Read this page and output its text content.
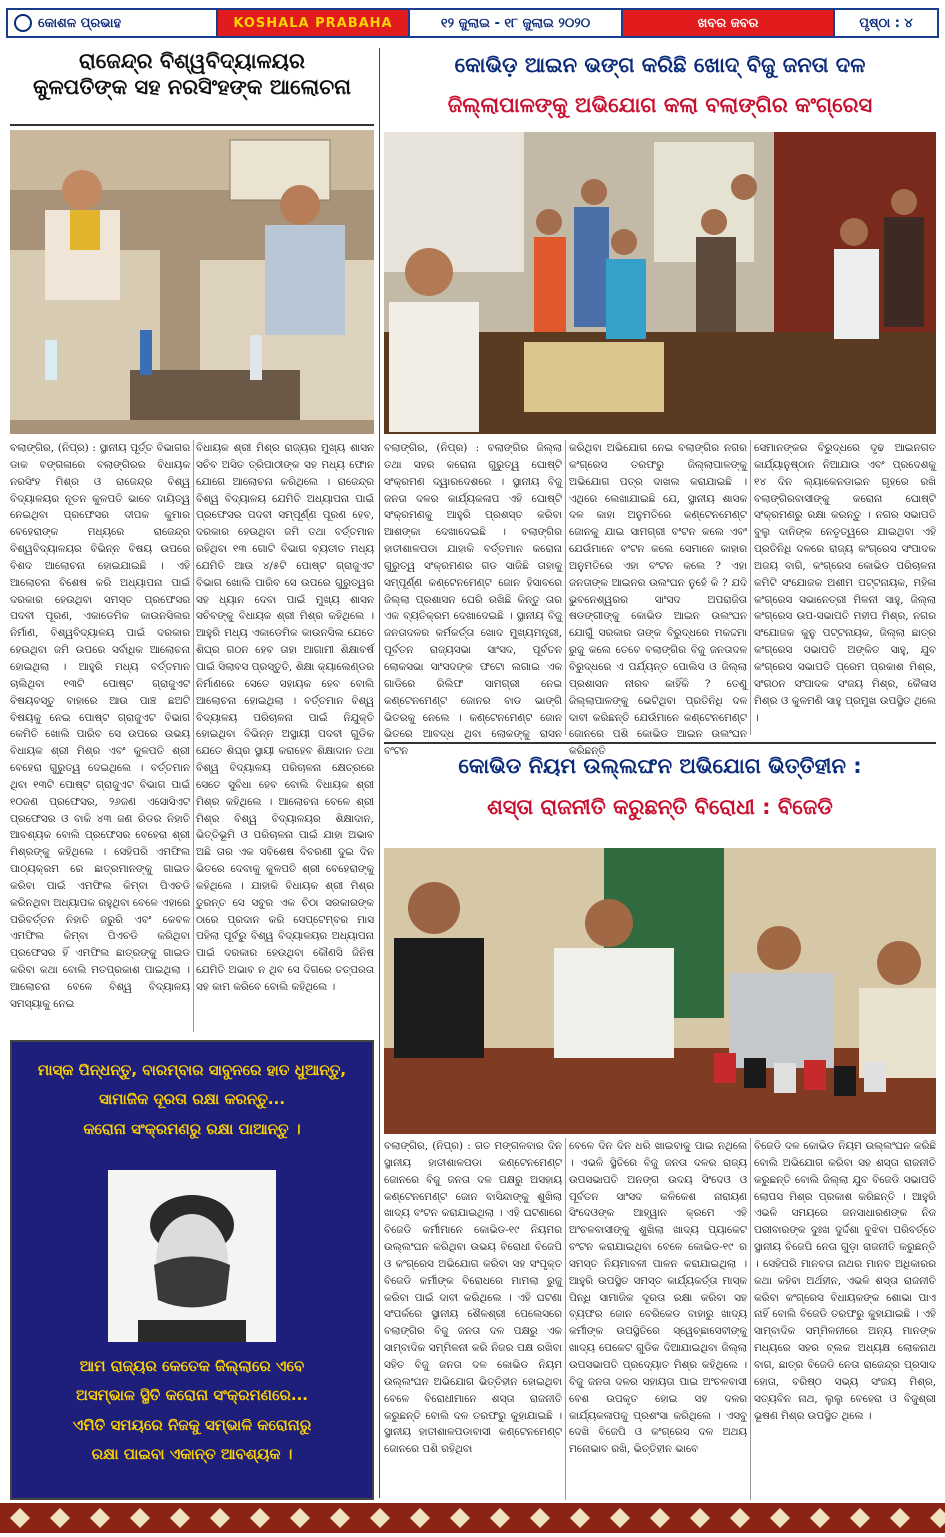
କୋଶଳ ପ୍ରଭାହ	KOSHALA PRABAHA	୧୨ ଜୁଲାଇ - ୧୮ ଜୁଲାଇ ୨୦୨୦	ଖବର ଜବର	ପୃଷ୍ଠା : ୪
ରାଜେନ୍ଦ୍ର ବିଶ୍ୱବିଦ୍ୟାଳୟର
କୁଳପତିଙ୍କ ସହ ନରସିଂହଙ୍କ ଆଲୋଚନା
ବଲାଙ୍ଗିର, (ନିପ୍ର) : ସ୍ଥାନୀୟ ପୂର୍ତ୍ତ ବିଭାଗର ଡାକ ବଙ୍ଗଳାରେ ବଲାଙ୍ଗିରର ବିଧାୟକ ନରସିଂହ ମିଶ୍ର ଓ ରାଜେନ୍ଦ୍ର ବିଶ୍ୱ ବିଦ୍ୟାଳୟର ନୂତନ କୁଳପତି ଭାବେ ଦାୟିତ୍ୱ ନେଇଥିବା ପ୍ରଫେସର ଦୀପକ କୁମାର ବେହେରାଙ୍କ ମଧ୍ୟରେ ରାଜେନ୍ଦ୍ର ବିଶ୍ୱବିଦ୍ୟାଳୟର ବିଭିନ୍ନ ବିଷୟ ଉପରେ ବିଶଦ ଆଲୋଚନା ହୋଇଯାଇଛି । ଏହି ଆଲୋଚନା ବିଶେଷ କରି ଅଧ୍ୟାପନା ପାଇଁ ଦରକାର ହେଉଥିବା ସମସ୍ତ ପ୍ରଫେସର ପଦବୀ ପୂରଣ, ଏକାଡେମିକ କାଉନସିଲର ନିର୍ମାଣ, ବିଶ୍ୱବିଦ୍ୟାଳୟ ପାଇଁ ଦରକାର ହେଉଥିବା ଜମି ଉପରେ ସର୍ବାଧିକ ଆଲୋଚନା ହୋଇଥିଲା । ଆହୁରି ମଧ୍ୟ ବର୍ତ୍ତମାନ ଚାଲିଥିବା ୧୩ଟି ପୋଷ୍ଟ ଗ୍ରାଜୁଏଟ ବିଷୟବସ୍ତୁ ବାହାରେ ଆଉ ପାଞ୍ଚ ଛଅଟି ବିଷୟକୁ ନେଇ ପୋଷ୍ଟ ଗ୍ରାଜୁଏଟ ବିଭାଗ କେମିତି ଖୋଲି ପାରିବ ସେ ଉପରେ ଉଭୟ ବିଧାୟକ ଶ୍ରୀ ମିଶ୍ର ଏବଂ କୁଳପତି ଶ୍ରୀ ବେହେରା ଗୁରୁତ୍ୱ ଦେଇଥିଲେ । ବର୍ତ୍ତମାନ ଥିବା ୧୩ଟି ପୋଷ୍ଟ ଗ୍ରାଜୁଏଟ ବିଭାଗ ପାଇଁ ୧୦ଜଣ ପ୍ରଫେସର, ୨୬ଜଣ ଏସୋସିଏଟ ପ୍ରଫେସର ଓ ବାକି ୪୩ ଜଣ ରିଡର ନିହାତି ଆବଶ୍ୟକ ବୋଲି ପ୍ରଫେସର ବେହେରା ଶ୍ରୀ ମିଶ୍ରଙ୍କୁ କହିଥିଲେ । ସେହିପରି ଏମଫିଲ ପାଠ୍ୟକ୍ରମ ରେ ଛାତ୍ରମାନଙ୍କୁ ଗାଇଡ କରିବା ପାଇଁ ଏମଫିଲ କିମ୍ବା ପିଏଚଡି କରିନଥିବା ଅଧ୍ୟାପକ ରହୁଥିବା ବେଳେ ଏହାରେ ପରିବର୍ତ୍ତନ ନିହାତି ଜରୁରି ଏବଂ କେବଳ ଏମଫିଲ କିମ୍ବା ପିଏଚଡି କରିଥିବା ପ୍ରଫେସର ହିଁ ଏମଫିଲ ଛାତ୍ରଙ୍କୁ ଗାଇଡ କରିବା କଥା ବୋଲି ମତପ୍ରକାଶ ପାଇଥିଲା । ଆଲୋଚନା ବେଳେ ବିଶ୍ୱ ବିଦ୍ୟାଳୟ ସମସ୍ୟାକୁ ନେଇ
ବିଧାୟକ ଶ୍ରୀ ମିଶ୍ର ରାଜ୍ୟର ମୁଖ୍ୟ ଶାସନ ସଚିବ ଅସିତ ତ୍ରିପାଠୀଙ୍କ ସହ ମଧ୍ୟ ଫୋନ ଯୋଗେ ଆଲୋଚନା କରିଥିଲେ । ରାଜେନ୍ଦ୍ର ବିଶ୍ୱ ବିଦ୍ୟାଳୟ ଯେମିତି ଅଧ୍ୟାପନା ପାଇଁ ପ୍ରଫେସର ପଦବୀ ସମ୍ପୂର୍ଣ୍ଣ ପୂରଣ ହେବ, ଦରକାର ହେଉଥିବା ଜମି ତଥା ବର୍ତ୍ତମାନ ରହିଥିବା ୧୩ ଗୋଟି ବିଭାଗ ବ୍ୟତୀତ ମଧ୍ୟ ଯେମିତି ଆଉ ୪/୫ଟି ପୋଷ୍ଟ ଗ୍ରାଜୁଏଟ ବିଭାଗ ଖୋଲି ପାରିବ ସେ ଉପରେ ଗୁରୁତ୍ୱର ସହ ଧ୍ୟାନ ଦେବା ପାଇଁ ମୁଖ୍ୟ ଶାସନ ସଚିବଙ୍କୁ ବିଧାୟକ ଶ୍ରୀ ମିଶ୍ର କହିଥିଲେ । ଆହୁରି ମଧ୍ୟ ଏକାଡେମିକ କାଉନସିଲ ଯେତେ ଶିଘ୍ର ଗଠନ ହେବ ତାହା ଆଗାମୀ ଶିକ୍ଷାବର୍ଷ ପାଇଁ ସିଲାବସ ପ୍ରସ୍ତୁତି, ଶିକ୍ଷା କ୍ୟାଲେଣ୍ଡର ନିର୍ମାଣରେ ସେତେ ସହାୟକ ହେବ ବୋଲି ଆଲୋଚନା ହୋଇଥିଲା । ବର୍ତ୍ତମାନ ବିଶ୍ୱ ବିଦ୍ୟାଳୟ ପରିଚାଳନା ପାଇଁ ନିଯୁକ୍ତି ହୋଇଥିବା ବିଭିନ୍ନ ଅସ୍ଥାୟୀ ପଦବୀ ଗୁଡିକ ଯେତେ ଶିଘ୍ର ସ୍ଥାୟୀ କରାହେବ ଶିକ୍ଷାଦାନ ତଥା ବିଶ୍ୱ ବିଦ୍ୟାଳୟ ପରିଚାଳନା କ୍ଷେତ୍ରରେ ସେତେ ସୁବିଧା ହେବ ବୋଲି ବିଧାୟକ ଶ୍ରୀ ମିଶ୍ର କହିଥିଲେ । ଆଲୋଚନା ବେଳେ ଶ୍ରୀ ମିଶ୍ର ବିଶ୍ୱ ବିଦ୍ୟାଳୟର ଶିକ୍ଷାଦାନ, ଭିତ୍ତିଭୂମି ଓ ପରିଚାଳନା ପାଇଁ ଯାହା ଅଭାବ ଅଛି ତାର ଏକ ସବିଶେଷ ବିବରଣୀ ଦୁଇ ଦିନ ଭିତରେ ଦେବାକୁ କୁଳପତି ଶ୍ରୀ ବେହେରାଙ୍କୁ କହିଥିଲେ । ଯାହାକି ବିଧାୟକ ଶ୍ରୀ ମିଶ୍ର ତୁରନ୍ତ ସେ ସବୁର ଏକ ଚିଠା ସରକାରଙ୍କ ଠାରେ ପ୍ରଦାନ କରି ସେପ୍ଟେମ୍ବର ମାସ ପହିଲା ପୂର୍ବରୁ ବିଶ୍ୱ ବିଦ୍ୟାଳୟର ଅଧ୍ୟାପନା ପାଇଁ ଦରକାର ହେଉଥିବା କୌଣସି ଜିନିଷ ଯେମିତି ଅଭାବ ନ ଥିବ ସେ ଦିଗରେ ତତ୍ପରତା ସହ କାମ କରିବେ ବୋଲି କହିଥିଲେ ।
କୋଭିଡ଼ ଆଇନ ଭଙ୍ଗ କରିଛି ଖୋଦ୍ ବିଜୁ ଜନତା ଦଳ
ଜିଲ୍ଲାପାଳଙ୍କୁ ଅଭିଯୋଗ କଲା ବଲାଙ୍ଗିର କଂଗ୍ରେସ
ବଲାଙ୍ଗିର, (ନିପ୍ର) : ବଲାଙ୍ଗିର ଜିଲ୍ଲା ତଥା ସହର କରୋନା ଗୁରୁତ୍ୱ ଘୋଷ୍ଟି ସଂକ୍ରମଣ ଦ୍ୱାରଦେଶରେ । ସ୍ଥାନୀୟ ବିଜୁ ଜନତା ଦଳର କାର୍ଯ୍ୟକଳାପ ଏହି ଘୋଷ୍ଟି ସଂକ୍ରମଣକୁ ଆହୁରି ପ୍ରଶସ୍ତ କରିବା ଆଶଙ୍କା ଦେଖାଦେଇଛି । ବଲାଙ୍ଗିର ହାତୀଶାଳପଡା ଯାହାକି ବର୍ତ୍ତମାନ କରୋନା ଗୁରୁତ୍ୱ ସଂକ୍ରମଣର ଗଡ ସାଜିଛି ତାହାକୁ ସମ୍ପୂର୍ଣ୍ଣ କଣ୍ଟେନମେଣ୍ଟ ଜୋନ ହିସାବରେ ଜିଲ୍ଲା ପ୍ରଶାସନ ଘେରି ରଖିଛି କିନ୍ତୁ ତାର ଏକ ବ୍ୟତିକ୍ରମ ଦେଖାଦେଇଛି । ସ୍ଥାନୀୟ ବିଜୁ ଜନତାଦଳର କର୍ମକର୍ତ୍ତା ଖୋଦ ମୁଖ୍ୟମନ୍ତ୍ରୀ, ପୂର୍ବତନ ରାଜ୍ୟସଭା ସାଂସଦ, ପୂର୍ବତନ ଲୋକସଭା ସାଂସଦଙ୍କ ଫଟୋ ଲଗାଇ ଏକ ଗାଡିରେ ରିଲିଫ ସାମଗ୍ରୀ ନେଇ କଣ୍ଟେନମେଣ୍ଟ ଜୋନର ବାଡ ଭାଙ୍ଗି ଭିତରକୁ ନେଲେ । କଣ୍ଟେନମେଣ୍ଟ ଜୋନ ଭିତରେ ଆବଦ୍ଧ ଥିବା ଲୋକଙ୍କୁ ରାସନ ବଂଟନ
କରିଥିବା ଅଭିଯୋଗ ନେଇ ବଲାଙ୍ଗିର ନଗର କଂଗ୍ରେସ ତରଫରୁ ଜିଲ୍ଲାପାଳଙ୍କୁ ଅଭିଯୋଗ ପତ୍ର ଦାଖଲ କରାଯାଇଛି । ଏଥିରେ ଲେଖାଯାଇଛି ଯେ, ସ୍ଥାନୀୟ ଶାସକ ଦଳ କାହା ଅନୁମତିରେ କଣ୍ଟେନମେଣ୍ଟ ଜୋନକୁ ଯାଇ ସାମଗ୍ରୀ ବଂଟନ କଲେ ଏବଂ ଯେଉଁମାନେ ବଂଟନ କଲେ ସେମାନେ କାହାର ଅନୁମତିରେ ଏହା ବଂଟନ କଲେ ? ଏହା ଜନତାଙ୍କ ଆଇନର ଉଲଂଘନ ନୁହେଁ କି ? ଯଦି ଭୁବନେଶ୍ୱରର ସାଂସଦ ଅପରାଜିତା ଷଡଙ୍ଗୀଙ୍କୁ କୋଭିଡ ଆଇନ ଉଲଂଘନ ଯୋଗୁଁ ସରକାର ତାଙ୍କ ବିରୁଦ୍ଧରେ ମକଦ୍ଦମା ରୁଜୁ କଲେ ତେବେ ବଲାଙ୍ଗିର ବିଜୁ ଜନତାଦଳ ବିରୁଦ୍ଧରେ ଏ ପର୍ଯ୍ୟନ୍ତ ପୋଲିସ ଓ ଜିଲ୍ଲା ପ୍ରଶାସନ ନୀରବ କାହିଁକି ? ତେଣୁ ଜିଲ୍ଲାପାଳଙ୍କୁ ଭେଟିଥିବା ପ୍ରତିନିଧି ଦଳ ଦାବୀ କରିଛନ୍ତି ଯେଉଁମାନେ କଣ୍ଟେନମେଣ୍ଟ ଜୋନରେ ପଶି କୋଭିଡ ଆଇନ ଉଲଂଘନ କରିଛନ୍ତି
ସେମାନଙ୍କର ବିରୁଦ୍ଧରେ ଦୃଢ ଆଇନଗତ କାର୍ଯ୍ୟାନୁଷ୍ଠାନ ନିଆଯାଉ ଏବଂ ପ୍ରଦେଶକୁ ୧୪ ଦିନ ଲ୍ୟାକେନଡାଇନ ଗୃହରେ ରଖି ବଲାଙ୍ଗିରବାସୀଙ୍କୁ କରୋନା ଘୋଷ୍ଟି ସଂକ୍ରମଣରୁ ରକ୍ଷା କରନ୍ତୁ । ନଗର ସଭାପତି ବୁଲୁ ଦାନିଙ୍କ ନେତୃତ୍ୱରେ ଯାଇଥିବା ଏହି ପ୍ରତିନିଧି ଦଳରେ ରାଜ୍ୟ କଂଗ୍ରେସ ସଂପାଦକ ଅଜୟ ବାଗି, କଂଗ୍ରେସ କୋଭିଡ ପରିଚାଳନା କମିଟି ସଂଯୋଜକ ଅଶୀମ ପଟ୍ଟନାୟକ, ମହିଳା କଂଗ୍ରେସ ସଭାନେତ୍ରୀ ମିଳନୀ ସାହୁ, ଜିଲ୍ଲା କଂଗ୍ରେସ ଉପ-ସଭାପତି ମହୀପ ମିଶ୍ର, ନଗର ସଂଯୋଜକ କୁନୁ ପଟ୍ଟନାୟକ, ଜିଲ୍ଲା ଛାତ୍ର କଂଗ୍ରେସ ସଭାପତି ଅଙ୍କିତ ସାହୁ, ଯୁବ କଂଗ୍ରେସ ସଭାପତି ପ୍ରେମ ପ୍ରକାଶ ମିଶ୍ର, ସଂଗଠନ ସଂପାଦକ ସଂଜୟ ମିଶ୍ର, କୈଳାସ ମିଶ୍ର ଓ କୁଳମଣି ସାହୁ ପ୍ରମୁଖ ଉପସ୍ଥିତ ଥିଲେ ।
କୋଭିଡ ନିୟମ ଉଲ୍ଲଙ୍ଘନ ଅଭିଯୋଗ ଭିତ୍ତିହୀନ :
ଶସ୍ତା ରାଜନୀତି କରୁଛନ୍ତି ବିରୋଧୀ : ବିଜେଡି
ବଲାଙ୍ଗିର, (ନିପ୍ର) : ଗତ ମଙ୍ଗଳବାର ଦିନ ସ୍ଥାନୀୟ ହାତୀଶାଳପଡା କଣ୍ଟେନମେଣ୍ଟ ଜୋନରେ ବିଜୁ ଜନତା ଦଳ ପକ୍ଷରୁ ଅସହାୟ କଣ୍ଟେନମେଣ୍ଟ ଜୋନ ବାସିନ୍ଦାଙ୍କୁ ଶୁଖିଲା ଖାଦ୍ୟ ବଂଟନ କରାଯାଇଥିଲା । ଏହି ଘଟଣାରେ ବିଜେଡି କର୍ମୀମାନେ କୋଭିଡ-୧୯ ନିୟମର ଉଲ୍ଲଂଘନ କରିଥିବା ଉଭୟ ବିରୋଧୀ ବିଜେପି ଓ କଂଗ୍ରେସ ଅଭିଯୋଗ କରିବା ସହ ସଂପୃକ୍ତ ବିଜେଡି କର୍ମୀଙ୍କ ବିରୋଧରେ ମାମଲା ରୁଜୁ କରିବା ପାଇଁ ଦାବୀ କରିଥିଲେ । ଏହି ଘଟଣା ସଂପର୍କରେ ସ୍ଥାନୀୟ ଶୈଳଶ୍ରୀ ପେଲେସରେ ବଲାଙ୍ଗିର ବିଜୁ ଜନତା ଦଳ ପକ୍ଷରୁ ଏକ ସାମ୍ବାଦିକ ସମ୍ମିଳନୀ କରି ନିଜର ପକ୍ଷ ରଖିବା ସହିତ ବିଜୁ ଜନତା ଦଳ କୋଭିଡ ନିୟମ ଉଲ୍ଲଂଘନ ଅଭିଯୋଗ ଭିତ୍ତିହୀନ ହୋଇଥିବା ବେଳେ ବିରୋଧୀମାନେ ଶସ୍ତା ରାଜନୀତି କରୁଛନ୍ତି ବୋଲି ଦଳ ତରଫରୁ କୁହାଯାଇଛି । ସ୍ଥାନୀୟ ହାତୀଶାଳପଡାବାସୀ କଣ୍ଟେନମେଣ୍ଟ ଜୋନରେ ପଶି ରହିଥିବା
ବେଳେ ଦିନ ଦିନ ଧରି ଖାଇବାକୁ ପାଇ ନଥିଲେ । ଏଭଳି ସ୍ଥିତିରେ ବିଜୁ ଜନତା ଦଳର ରାଜ୍ୟ ଉପସଭାପତି ଅନଙ୍ଗ ଉଦୟ ସିଂଦେଓ ଓ ପୂର୍ବତନ ସାଂସଦ କଳିକେଶ ନାରାୟଣ ସିଂଦେଓଙ୍କ ଆହ୍ୱାନ କ୍ରମେ ଏହି ଅଂଚଳବାସୀଙ୍କୁ ଶୁଖିଲା ଖାଦ୍ୟ ପ୍ୟାକେଟ ବଂଟନ କରାଯାଇଥିବା ବେଳେ କୋଭିଡ-୧୯ ର ସମସ୍ତ ନିୟମାବଳୀ ପାଳନ କରାଯାଇଥିଲା । ଆହୁରି ଉପସ୍ଥିତ ସମସ୍ତ କାର୍ଯ୍ୟକର୍ତ୍ତା ମାସ୍କ ପିନ୍ଧି ସାମାଜିକ ଦୂରତା ରକ୍ଷା କରିବା ସହ ବ୍ୟଫର ଜୋନ ବେରିକେଡ ବାହାରୁ ଖାଦ୍ୟ କର୍ମୀଙ୍କ ଉପସ୍ଥିତିରେ ସ୍ୱେଚ୍ଛାସେବୀଙ୍କୁ ଖାଦ୍ୟ ପେକେଟ ଗୁଡିକ ଦିଆଯାଇଥିବା ଜିଲ୍ଲା ଉପସଭାପତି ପ୍ରଦ୍ୟୋତ ମିଶ୍ର କହିଥିଲେ । ବିଜୁ ଜନତା ଦଳର ସହାୟତା ପାଇ ଅଂଚଳବାସୀ ବେଶ ଉପକୃତ ହୋଇ ସହ ଦଳର କାର୍ଯ୍ୟକଳାପକୁ ପ୍ରଶଂସା କରିଥିଲେ । ଏସବୁ ଦେଖି ବିଜେପି ଓ କଂଗ୍ରେସ ଦଳ ଅଥୟ ମନୋଭାବ ରଖି, ଭିତ୍ତିହୀନ ଭାବେ
ବିଜେଡି ଦଳ କୋଭିଡ ନିୟମ ଉଲ୍ଲଂଘନ କରିଛି ବୋଲି ଅଭିଯୋଗ କରିବା ସହ ଶସ୍ତା ରାଜନୀତି କରୁଛନ୍ତି ବୋଲି ଜିଲ୍ଲା ଯୁବ ବିଜେଡି ସଭାପତି ଲୋପସ ମିଶ୍ର ପ୍ରକାଶ କରିଛନ୍ତି । ଆହୁରି ଏଭଳି ସମୟରେ ଜନସାଧାରଣଙ୍କ ନିଜ ପରୀବାରଙ୍କ ଦୁଃଖ ଦୁର୍ଦ୍ଦଶା ବୁଝିବା ପରିବର୍ତ୍ତେ ସ୍ଥାନୀୟ ବିଜେପି ନେତା ଗୁଡ଼ା ରାଜନୀତି କରୁଛନ୍ତି । ସେହିପରି ମାନବତା ନାଥର ମାନବ ଅଧିକାରର କଥା କହିବା ଅର୍ଥହୀନ, ଏଭଳି ଶସ୍ତା ରାଜନୀତି କରିବା କଂଗ୍ରେସ ବିଧାୟକଙ୍କ ଶୋଭା ପାଏ ନାହିଁ ବୋଲି ବିଜେଡି ତରଫରୁ କୁହାଯାଇଛି । ଏହି ସାମ୍ବାଦିକ ସମ୍ମିଳନୀରେ ଅନ୍ୟ ମାନଙ୍କ ମଧ୍ୟରେ ସହର ବ୍ଲକ ଅଧ୍ୟକ୍ଷ ଲୋକନାଥ ବାଗ, ଛାତ୍ର ବିଜେଡି ନେତା ରାଜେନ୍ଦ୍ର ପ୍ରସାଦ ହୋତା, ବରିଷ୍ଠ ସଭ୍ୟ ସଂଜୟ ମିଶ୍ର, ସତ୍ୟବିନ ନାଥ, ଲୁଲୁ ବେହେରା ଓ ବିଜୁଶ୍ରୀ ଭୂଷଣ ମିଶ୍ର ଉପସ୍ଥିତ ଥିଲେ ।
ମାସ୍କ ପିନ୍ଧନ୍ତୁ, ବାରମ୍ବାର ସାବୁନରେ ହାତ ଧୁଆନ୍ତୁ,
ସାମାଜିକ ଦୂରତା ରକ୍ଷା କରନ୍ତୁ...
କରୋନା ସଂକ୍ରମଣରୁ ରକ୍ଷା ପାଆନ୍ତୁ ।
ଆମ ରାଜ୍ୟର କେତେକ ଜିଲ୍ଲାରେ ଏବେ
ଅସମ୍ଭାଳ ସ୍ଥିତି କରୋନା ସଂକ୍ରମଣରେ...
ଏମିତି ସମୟରେ ନିଜକୁ ସମ୍ଭାଳି କରୋନାରୁ
ରକ୍ଷା ପାଇବା ଏକାନ୍ତ ଆବଶ୍ୟକ ।
